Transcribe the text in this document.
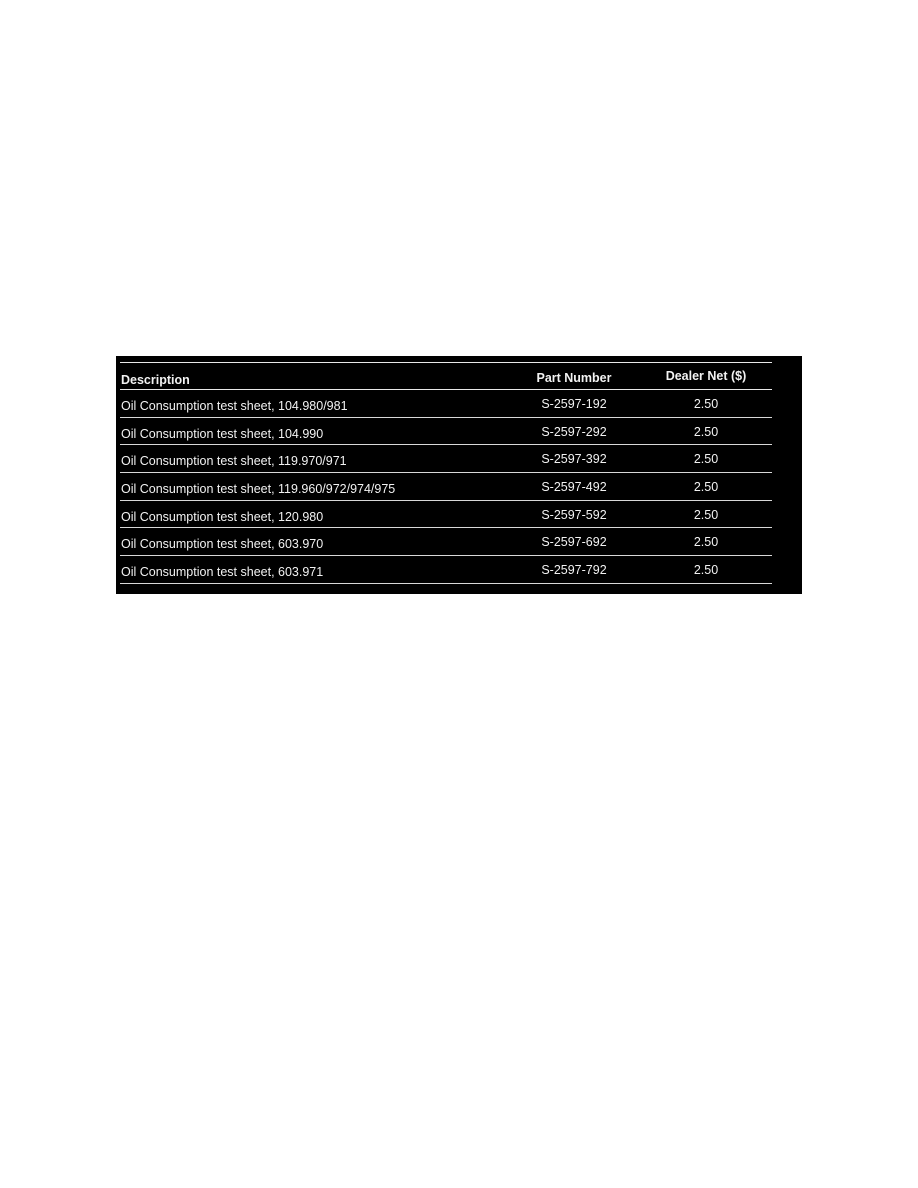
Description	Part Number	Dealer Net ($)
Oil Consumption test sheet, 104.980/981	S-2597-192	2.50
Oil Consumption test sheet, 104.990	S-2597-292	2.50
Oil Consumption test sheet, 119.970/971	S-2597-392	2.50
Oil Consumption test sheet, 119.960/972/974/975	S-2597-492	2.50
Oil Consumption test sheet, 120.980	S-2597-592	2.50
Oil Consumption test sheet, 603.970	S-2597-692	2.50
Oil Consumption test sheet, 603.971	S-2597-792	2.50
